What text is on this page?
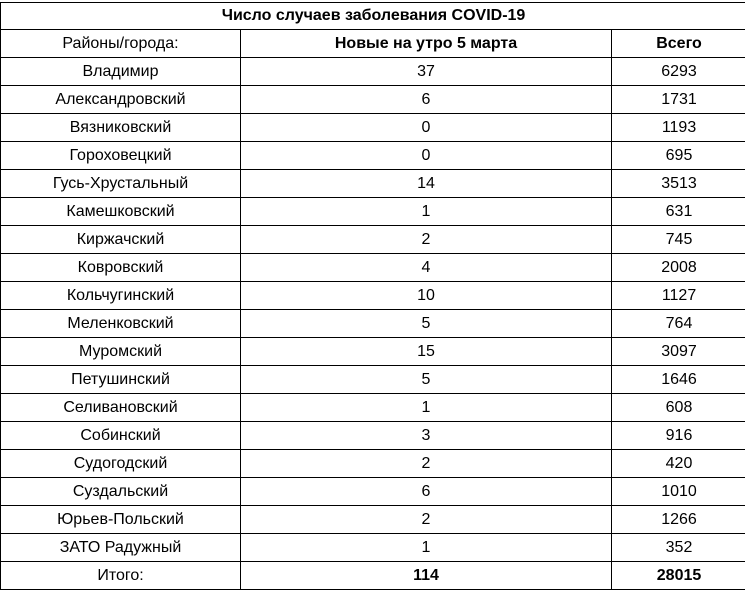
Число случаев заболевания COVID-19		
Районы/города:	Новые на утро 5 марта	Всего
Владимир	37	6293
Александровский	6	1731
Вязниковский	0	1193
Гороховецкий	0	695
Гусь-Хрустальный	14	3513
Камешковский	1	631
Киржачский	2	745
Ковровский	4	2008
Кольчугинский	10	1127
Меленковский	5	764
Муромский	15	3097
Петушинский	5	1646
Селивановский	1	608
Собинский	3	916
Судогодский	2	420
Суздальский	6	1010
Юрьев-Польский	2	1266
ЗАТО Радужный	1	352
Итого:	114	28015
